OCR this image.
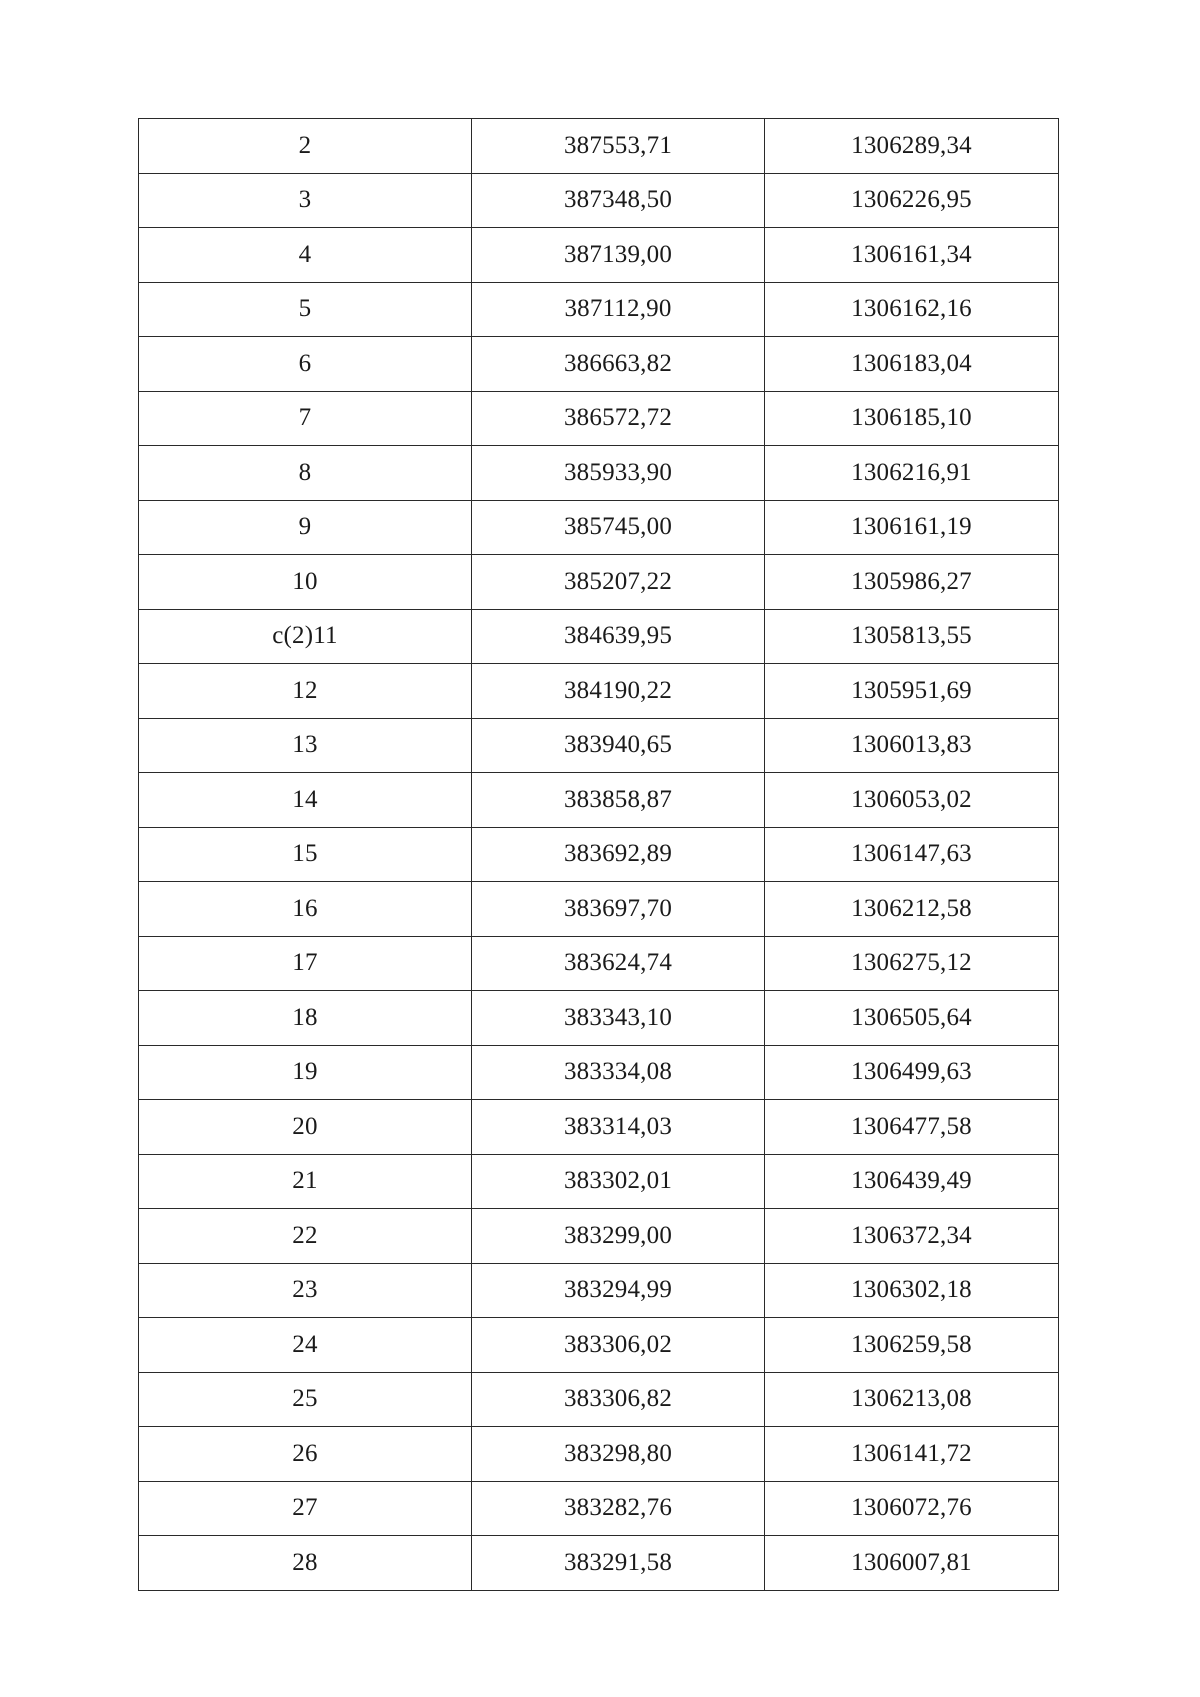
2	387553,71	1306289,34
3	387348,50	1306226,95
4	387139,00	1306161,34
5	387112,90	1306162,16
6	386663,82	1306183,04
7	386572,72	1306185,10
8	385933,90	1306216,91
9	385745,00	1306161,19
10	385207,22	1305986,27
c(2)11	384639,95	1305813,55
12	384190,22	1305951,69
13	383940,65	1306013,83
14	383858,87	1306053,02
15	383692,89	1306147,63
16	383697,70	1306212,58
17	383624,74	1306275,12
18	383343,10	1306505,64
19	383334,08	1306499,63
20	383314,03	1306477,58
21	383302,01	1306439,49
22	383299,00	1306372,34
23	383294,99	1306302,18
24	383306,02	1306259,58
25	383306,82	1306213,08
26	383298,80	1306141,72
27	383282,76	1306072,76
28	383291,58	1306007,81
